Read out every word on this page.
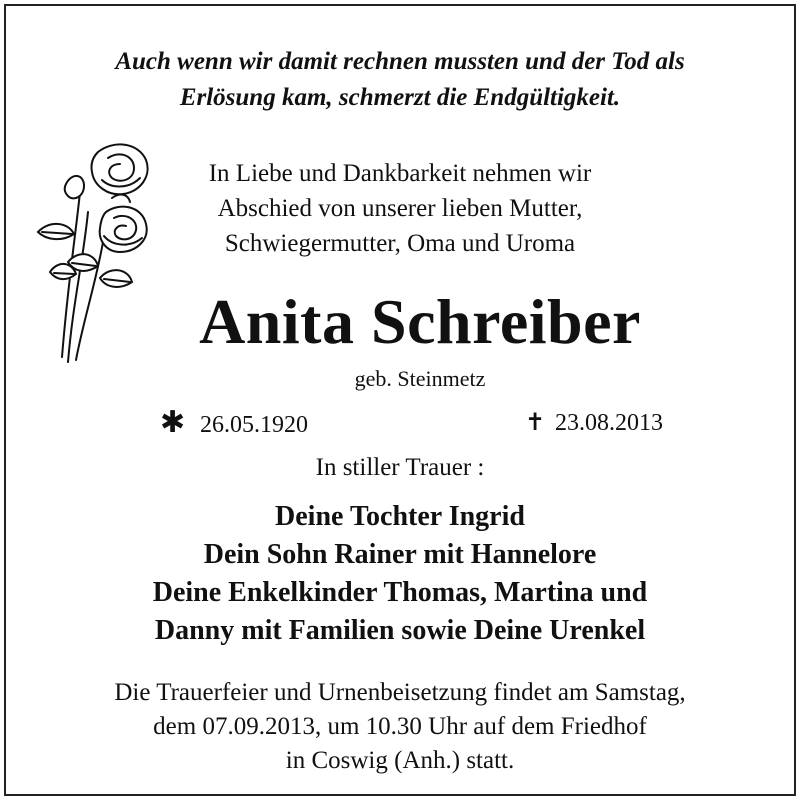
Auch wenn wir damit rechnen mussten und der Tod als
Erlösung kam, schmerzt die Endgültigkeit.
In Liebe und Dankbarkeit nehmen wir
Abschied von unserer lieben Mutter,
Schwiegermutter, Oma und Uroma
Anita Schreiber
geb. Steinmetz
✱ 26.05.1920	✝ 23.08.2013
In stiller Trauer :
Deine Tochter Ingrid
Dein Sohn Rainer mit Hannelore
Deine Enkelkinder Thomas, Martina und
Danny mit Familien sowie Deine Urenkel
Die Trauerfeier und Urnenbeisetzung findet am Samstag,
dem 07.09.2013, um 10.30 Uhr auf dem Friedhof
in Coswig (Anh.) statt.
